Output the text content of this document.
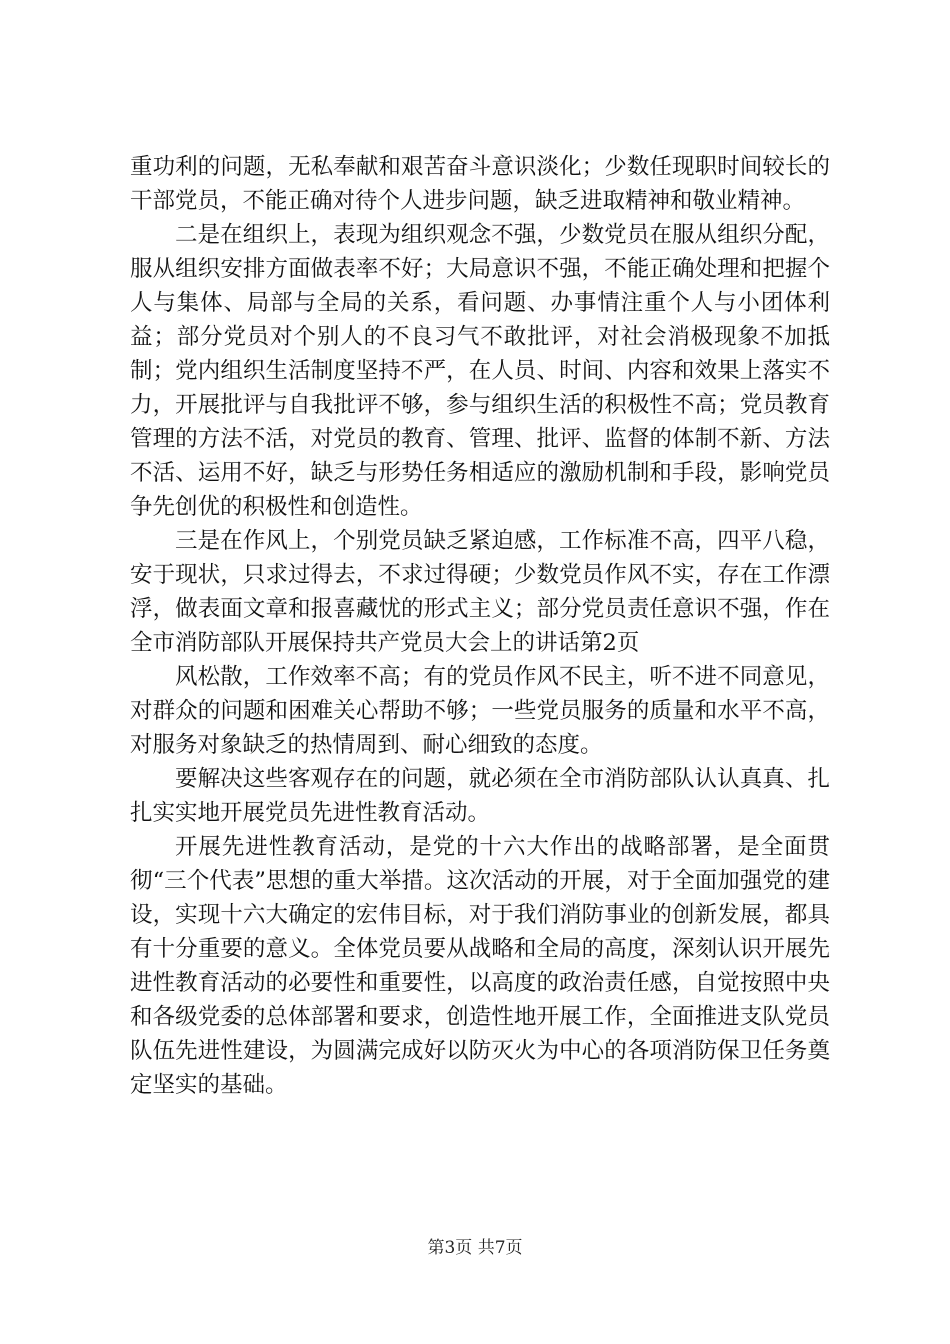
重功利的问题，无私奉献和艰苦奋斗意识淡化；少数任现职时间较长的干部党员，不能正确对待个人进步问题，缺乏进取精神和敬业精神。

二是在组织上，表现为组织观念不强，少数党员在服从组织分配，服从组织安排方面做表率不好；大局意识不强，不能正确处理和把握个人与集体、局部与全局的关系，看问题、办事情注重个人与小团体利益；部分党员对个别人的不良习气不敢批评，对社会消极现象不加抵制；党内组织生活制度坚持不严，在人员、时间、内容和效果上落实不力，开展批评与自我批评不够，参与组织生活的积极性不高；党员教育管理的方法不活，对党员的教育、管理、批评、监督的体制不新、方法不活、运用不好，缺乏与形势任务相适应的激励机制和手段，影响党员争先创优的积极性和创造性。

三是在作风上，个别党员缺乏紧迫感，工作标准不高，四平八稳，安于现状，只求过得去，不求过得硬；少数党员作风不实，存在工作漂浮，做表面文章和报喜藏忧的形式主义；部分党员责任意识不强，作在全市消防部队开展保持共产党员大会上的讲话第2页

风松散，工作效率不高；有的党员作风不民主，听不进不同意见，对群众的问题和困难关心帮助不够；一些党员服务的质量和水平不高，对服务对象缺乏的热情周到、耐心细致的态度。

要解决这些客观存在的问题，就必须在全市消防部队认认真真、扎扎实实地开展党员先进性教育活动。

开展先进性教育活动，是党的十六大作出的战略部署，是全面贯彻“三个代表”思想的重大举措。这次活动的开展，对于全面加强党的建设，实现十六大确定的宏伟目标，对于我们消防事业的创新发展，都具有十分重要的意义。全体党员要从战略和全局的高度，深刻认识开展先进性教育活动的必要性和重要性，以高度的政治责任感，自觉按照中央和各级党委的总体部署和要求，创造性地开展工作，全面推进支队党员队伍先进性建设，为圆满完成好以防灭火为中心的各项消防保卫任务奠定坚实的基础。

第3页 共7页
